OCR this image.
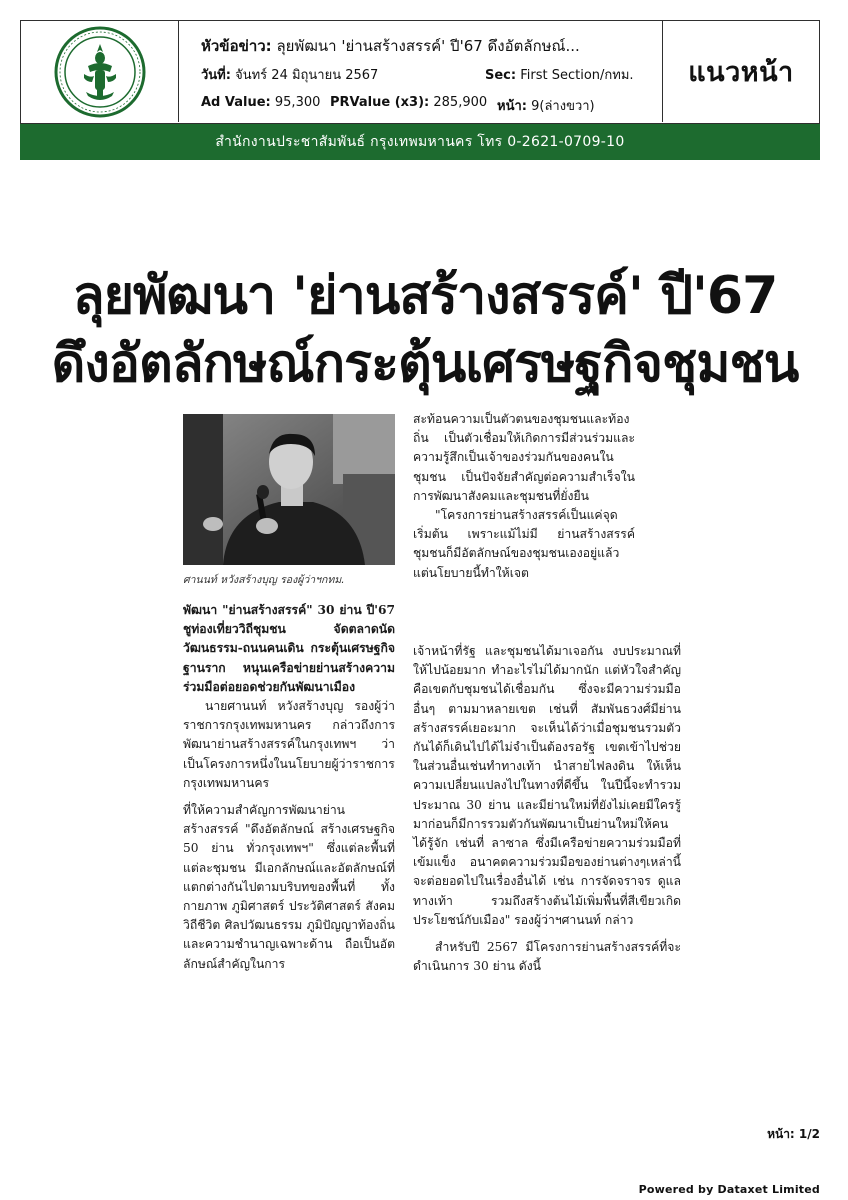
หัวข้อข่าว: ลุยพัฒนา 'ย่านสร้างสรรค์' ปี'67 ดึงอัตลักษณ์...
วันที่: จันทร์ 24 มิถุนายน 2567	Sec: First Section/กทม.
Ad Value: 95,300 PRValue (x3): 285,900 หน้า: 9(ล่างขวา)
แนวหน้า
สำนักงานประชาสัมพันธ์ กรุงเทพมหานคร โทร 0-2621-0709-10
ลุยพัฒนา 'ย่านสร้างสรรค์' ปี'67
ดึงอัตลักษณ์กระตุ้นเศรษฐกิจชุมชน
ศานนท์ หวังสร้างบุญ รองผู้ว่าฯกทม.

พัฒนา "ย่านสร้างสรรค์" 30 ย่าน ปี'67 ชูท่องเที่ยววิถีชุมชน จัดตลาดนัดวัฒนธรรม-ถนนคนเดิน กระตุ้นเศรษฐกิจฐานราก หนุนเครือข่ายย่านสร้างความร่วมมือต่อยอดช่วยกันพัฒนาเมือง

นายศานนท์ หวังสร้างบุญ รองผู้ว่าราชการกรุงเทพมหานคร กล่าวถึงการพัฒนาย่านสร้างสรรค์ในกรุงเทพฯ ว่า เป็นโครงการหนึ่งในนโยบายผู้ว่าราชการกรุงเทพมหานคร

ที่ให้ความสำคัญการพัฒนาย่านสร้างสรรค์ "ดึงอัตลักษณ์ สร้างเศรษฐกิจ 50 ย่าน ทั่วกรุงเทพฯ" ซึ่งแต่ละพื้นที่ แต่ละชุมชน มีเอกลักษณ์และอัตลักษณ์ที่แตกต่างกันไปตามบริบทของพื้นที่ ทั้งกายภาพ ภูมิศาสตร์ ประวัติศาสตร์ สังคม วิถีชีวิต ศิลปวัฒนธรรม ภูมิปัญญาท้องถิ่น และความชำนาญเฉพาะด้าน ถือเป็นอัตลักษณ์สำคัญในการ

สะท้อนความเป็นตัวตนของชุมชนและท้องถิ่น เป็นตัวเชื่อมให้เกิดการมีส่วนร่วมและความรู้สึกเป็นเจ้าของร่วมกันของคนในชุมชน เป็นปัจจัยสำคัญต่อความสำเร็จในการพัฒนาสังคมและชุมชนที่ยั่งยืน

"โครงการย่านสร้างสรรค์เป็นแค่จุดเริ่มต้น เพราะแม้ไม่มี ย่านสร้างสรรค์ ชุมชนก็มีอัตลักษณ์ของชุมชนเองอยู่แล้ว แต่นโยบายนี้ทำให้เจต

เจ้าหน้าที่รัฐ และชุมชนได้มาเจอกัน งบประมาณที่ให้ไปน้อยมาก ทำอะไรไม่ได้มากนัก แต่หัวใจสำคัญคือเขตกับชุมชนได้เชื่อมกัน ซึ่งจะมีความร่วมมืออื่นๆ ตามมาหลายเขต เช่นที่ สัมพันธวงศ์มีย่านสร้างสรรค์เยอะมาก จะเห็นได้ว่าเมื่อชุมชนรวมตัวกันได้ก็เดินไปได้ไม่จำเป็นต้องรอรัฐ เขตเข้าไปช่วยในส่วนอื่นเช่นทำทางเท้า นำสายไฟลงดิน ให้เห็นความเปลี่ยนแปลงไปในทางที่ดีขึ้น ในปีนี้จะทำรวมประมาณ 30 ย่าน และมีย่านใหม่ที่ยังไม่เคยมีใครรู้มาก่อนก็มีการรวมตัวกันพัฒนาเป็นย่านใหม่ให้คนได้รู้จัก เช่นที่ ลาซาล ซึ่งมีเครือข่ายความร่วมมือที่เข้มแข็ง อนาคตความร่วมมือของย่านต่างๆเหล่านี้จะต่อยอดไปในเรื่องอื่นได้ เช่น การจัดจราจร ดูแลทางเท้า รวมถึงสร้างต้นไม้เพิ่มพื้นที่สีเขียวเกิดประโยชน์กับเมือง" รองผู้ว่าฯศานนท์ กล่าว

สำหรับปี 2567 มีโครงการย่านสร้างสรรค์ที่จะดำเนินการ 30 ย่าน ดังนี้

หน้า: 1/2
Powered by Dataxet Limited
